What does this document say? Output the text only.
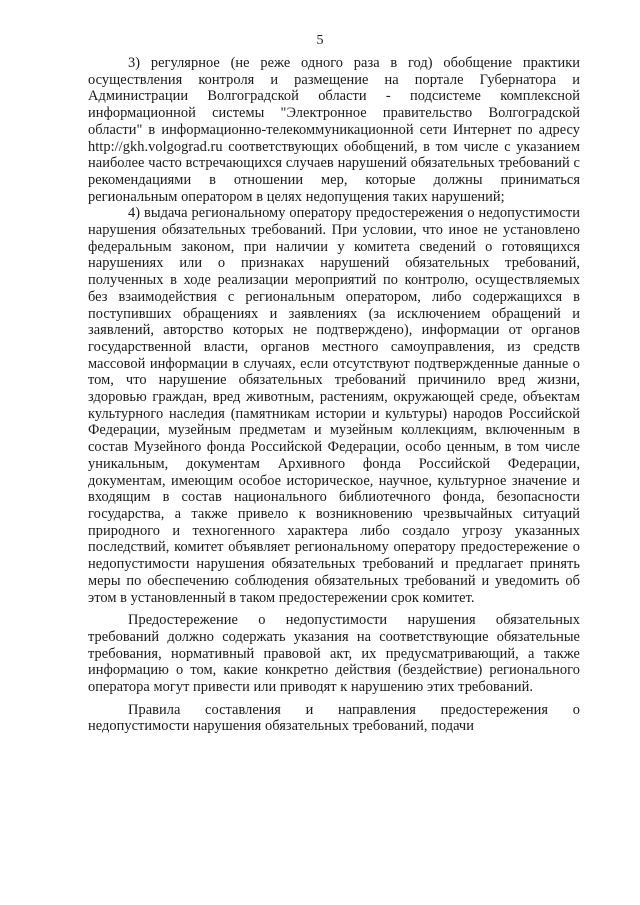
5

3) регулярное (не реже одного раза в год) обобщение практики осуществления контроля и размещение на портале Губернатора и Администрации Волгоградской области - подсистеме комплексной информационной системы "Электронное правительство Волгоградской области" в информационно-телекоммуникационной сети Интернет по адресу http://gkh.volgograd.ru соответствующих обобщений, в том числе с указанием наиболее часто встречающихся случаев нарушений обязательных требований с рекомендациями в отношении мер, которые должны приниматься региональным оператором в целях недопущения таких нарушений;

4) выдача региональному оператору предостережения о недопустимости нарушения обязательных требований. При условии, что иное не установлено федеральным законом, при наличии у комитета сведений о готовящихся нарушениях или о признаках нарушений обязательных требований, полученных в ходе реализации мероприятий по контролю, осуществляемых без взаимодействия с региональным оператором, либо содержащихся в поступивших обращениях и заявлениях (за исключением обращений и заявлений, авторство которых не подтверждено), информации от органов государственной власти, органов местного самоуправления, из средств массовой информации в случаях, если отсутствуют подтвержденные данные о том, что нарушение обязательных требований причинило вред жизни, здоровью граждан, вред животным, растениям, окружающей среде, объектам культурного наследия (памятникам истории и культуры) народов Российской Федерации, музейным предметам и музейным коллекциям, включенным в состав Музейного фонда Российской Федерации, особо ценным, в том числе уникальным, документам Архивного фонда Российской Федерации, документам, имеющим особое историческое, научное, культурное значение и входящим в состав национального библиотечного фонда, безопасности государства, а также привело к возникновению чрезвычайных ситуаций природного и техногенного характера либо создало угрозу указанных последствий, комитет объявляет региональному оператору предостережение о недопустимости нарушения обязательных требований и предлагает принять меры по обеспечению соблюдения обязательных требований и уведомить об этом в установленный в таком предостережении срок комитет.

Предостережение о недопустимости нарушения обязательных требований должно содержать указания на соответствующие обязательные требования, нормативный правовой акт, их предусматривающий, а также информацию о том, какие конкретно действия (бездействие) регионального оператора могут привести или приводят к нарушению этих требований.

Правила составления и направления предостережения о недопустимости нарушения обязательных требований, подачи
